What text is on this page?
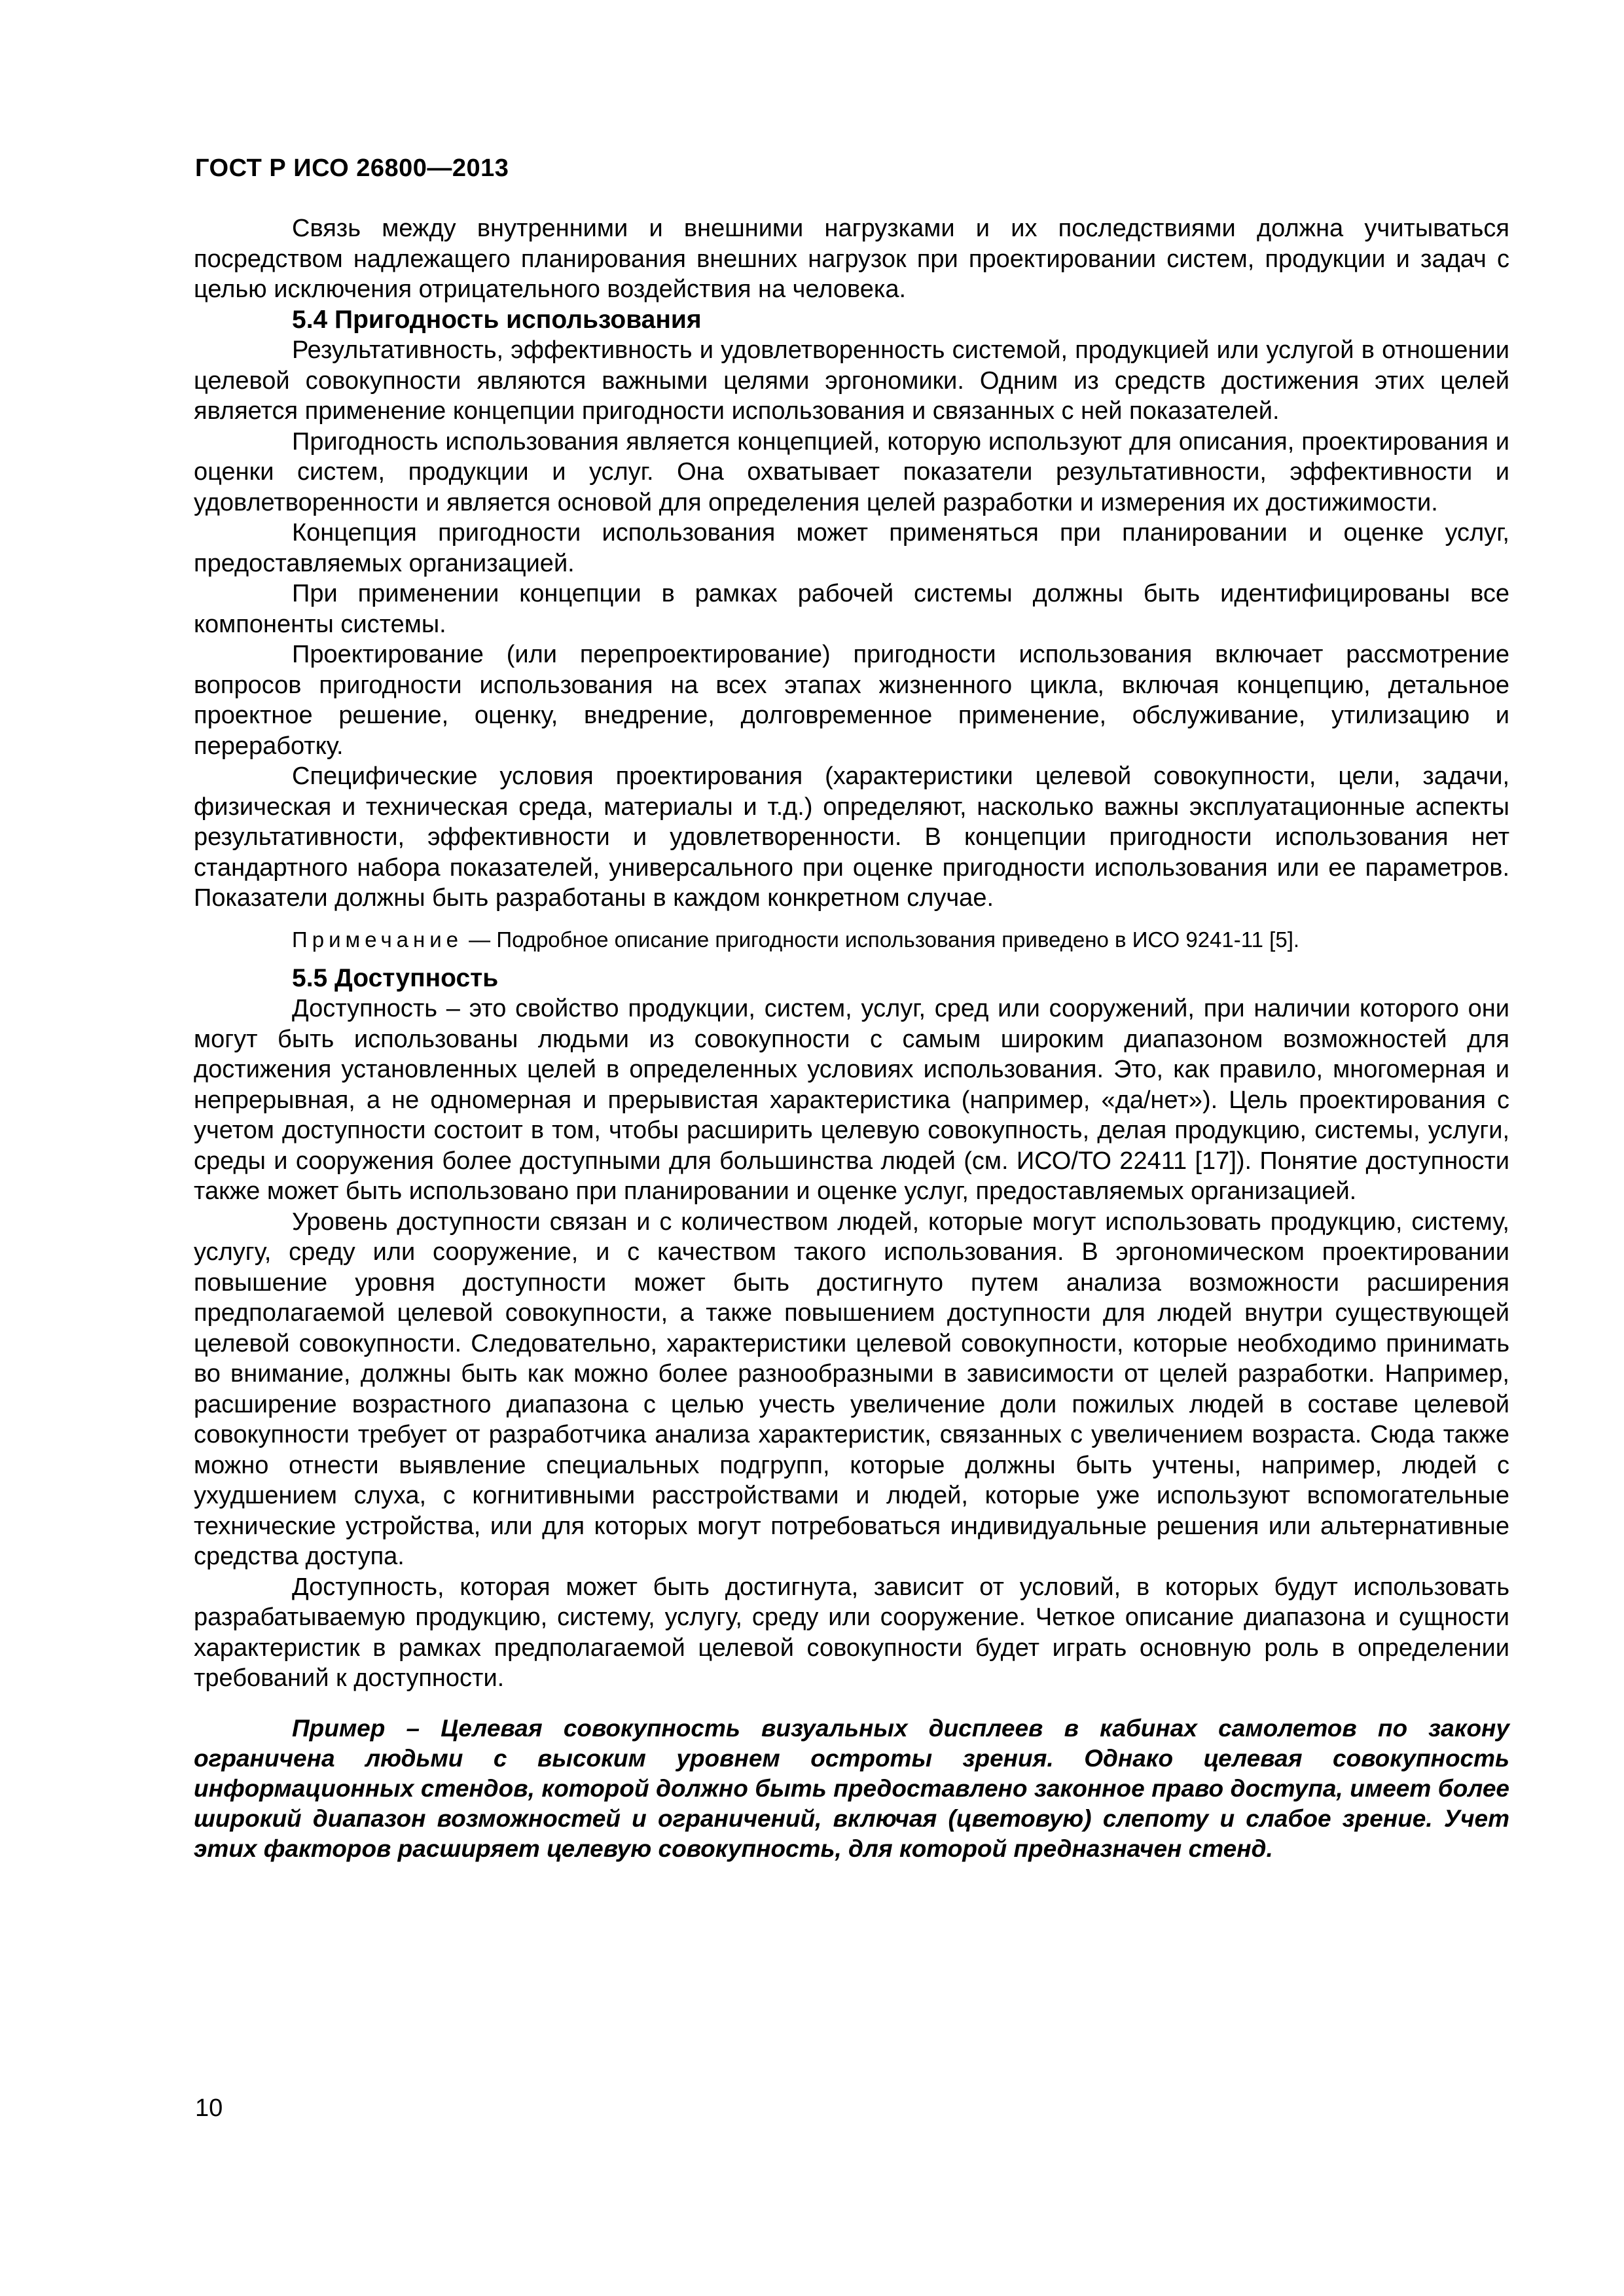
ГОСТ Р ИСО 26800—2013

Связь между внутренними и внешними нагрузками и их последствиями должна учитываться посредством надлежащего планирования внешних нагрузок при проектировании систем, продукции и задач с целью исключения отрицательного воздействия на человека.

5.4 Пригодность использования

Результативность, эффективность и удовлетворенность системой, продукцией или услугой в отношении целевой совокупности являются важными целями эргономики. Одним из средств достижения этих целей является применение концепции пригодности использования и связанных с ней показателей.

Пригодность использования является концепцией, которую используют для описания, проектирования и оценки систем, продукции и услуг. Она охватывает показатели результативности, эффективности и удовлетворенности и является основой для определения целей разработки и измерения их достижимости.

Концепция пригодности использования может применяться при планировании и оценке услуг, предоставляемых организацией.

При применении концепции в рамках рабочей системы должны быть идентифицированы все компоненты системы.

Проектирование (или перепроектирование) пригодности использования включает рассмотрение вопросов пригодности использования на всех этапах жизненного цикла, включая концепцию, детальное проектное решение, оценку, внедрение, долговременное применение, обслуживание, утилизацию и переработку.

Специфические условия проектирования (характеристики целевой совокупности, цели, задачи, физическая и техническая среда, материалы и т.д.) определяют, насколько важны эксплуатационные аспекты результативности, эффективности и удовлетворенности. В концепции пригодности использования нет стандартного набора показателей, универсального при оценке пригодности использования или ее параметров. Показатели должны быть разработаны в каждом конкретном случае.

Примечание — Подробное описание пригодности использования приведено в ИСО 9241-11 [5].

5.5 Доступность

Доступность – это свойство продукции, систем, услуг, сред или сооружений, при наличии которого они могут быть использованы людьми из совокупности с самым широким диапазоном возможностей для достижения установленных целей в определенных условиях использования. Это, как правило, многомерная и непрерывная, а не одномерная и прерывистая характеристика (например, «да/нет»). Цель проектирования с учетом доступности состоит в том, чтобы расширить целевую совокупность, делая продукцию, системы, услуги, среды и сооружения более доступными для большинства людей (см. ИСО/ТО 22411 [17]). Понятие доступности также может быть использовано при планировании и оценке услуг, предоставляемых организацией.

Уровень доступности связан и с количеством людей, которые могут использовать продукцию, систему, услугу, среду или сооружение, и с качеством такого использования. В эргономическом проектировании повышение уровня доступности может быть достигнуто путем анализа возможности расширения предполагаемой целевой совокупности, а также повышением доступности для людей внутри существующей целевой совокупности. Следовательно, характеристики целевой совокупности, которые необходимо принимать во внимание, должны быть как можно более разнообразными в зависимости от целей разработки. Например, расширение возрастного диапазона с целью учесть увеличение доли пожилых людей в составе целевой совокупности требует от разработчика анализа характеристик, связанных с увеличением возраста. Сюда также можно отнести выявление специальных подгрупп, которые должны быть учтены, например, людей с ухудшением слуха, с когнитивными расстройствами и людей, которые уже используют вспомогательные технические устройства, или для которых могут потребоваться индивидуальные решения или альтернативные средства доступа.

Доступность, которая может быть достигнута, зависит от условий, в которых будут использовать разрабатываемую продукцию, систему, услугу, среду или сооружение. Четкое описание диапазона и сущности характеристик в рамках предполагаемой целевой совокупности будет играть основную роль в определении требований к доступности.

Пример – Целевая совокупность визуальных дисплеев в кабинах самолетов по закону ограничена людьми с высоким уровнем остроты зрения. Однако целевая совокупность информационных стендов, которой должно быть предоставлено законное право доступа, имеет более широкий диапазон возможностей и ограничений, включая (цветовую) слепоту и слабое зрение. Учет этих факторов расширяет целевую совокупность, для которой предназначен стенд.

10
